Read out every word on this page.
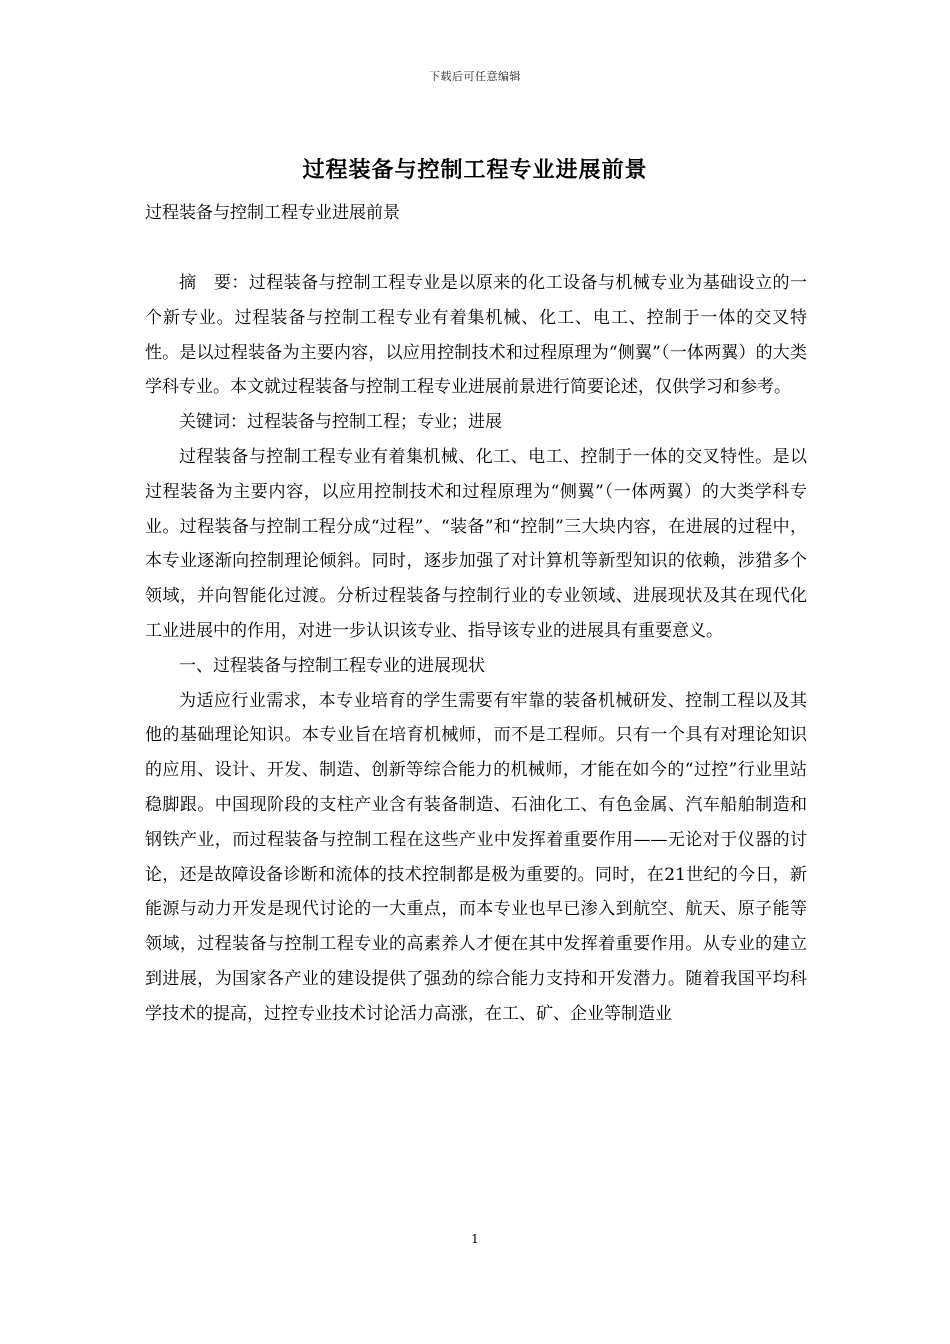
下载后可任意编辑
过程装备与控制工程专业进展前景
过程装备与控制工程专业进展前景

摘　要：过程装备与控制工程专业是以原来的化工设备与机械专业为基础设立的一个新专业。过程装备与控制工程专业有着集机械、化工、电工、控制于一体的交叉特性。是以过程装备为主要内容，以应用控制技术和过程原理为“侧翼”（一体两翼）的大类学科专业。本文就过程装备与控制工程专业进展前景进行简要论述，仅供学习和参考。

关键词：过程装备与控制工程；专业；进展

过程装备与控制工程专业有着集机械、化工、电工、控制于一体的交叉特性。是以过程装备为主要内容，以应用控制技术和过程原理为“侧翼”（一体两翼）的大类学科专业。过程装备与控制工程分成“过程”、“装备”和“控制”三大块内容，在进展的过程中，本专业逐渐向控制理论倾斜。同时，逐步加强了对计算机等新型知识的依赖，涉猎多个领域，并向智能化过渡。分析过程装备与控制行业的专业领域、进展现状及其在现代化工业进展中的作用，对进一步认识该专业、指导该专业的进展具有重要意义。

一、过程装备与控制工程专业的进展现状

为适应行业需求，本专业培育的学生需要有牢靠的装备机械研发、控制工程以及其他的基础理论知识。本专业旨在培育机械师，而不是工程师。只有一个具有对理论知识的应用、设计、开发、制造、创新等综合能力的机械师，才能在如今的“过控”行业里站稳脚跟。中国现阶段的支柱产业含有装备制造、石油化工、有色金属、汽车船舶制造和钢铁产业，而过程装备与控制工程在这些产业中发挥着重要作用——无论对于仪器的讨论，还是故障设备诊断和流体的技术控制都是极为重要的。同时，在21世纪的今日，新能源与动力开发是现代讨论的一大重点，而本专业也早已渗入到航空、航天、原子能等领域，过程装备与控制工程专业的高素养人才便在其中发挥着重要作用。从专业的建立到进展，为国家各产业的建设提供了强劲的综合能力支持和开发潜力。随着我国平均科学技术的提高，过控专业技术讨论活力高涨，在工、矿、企业等制造业

1
